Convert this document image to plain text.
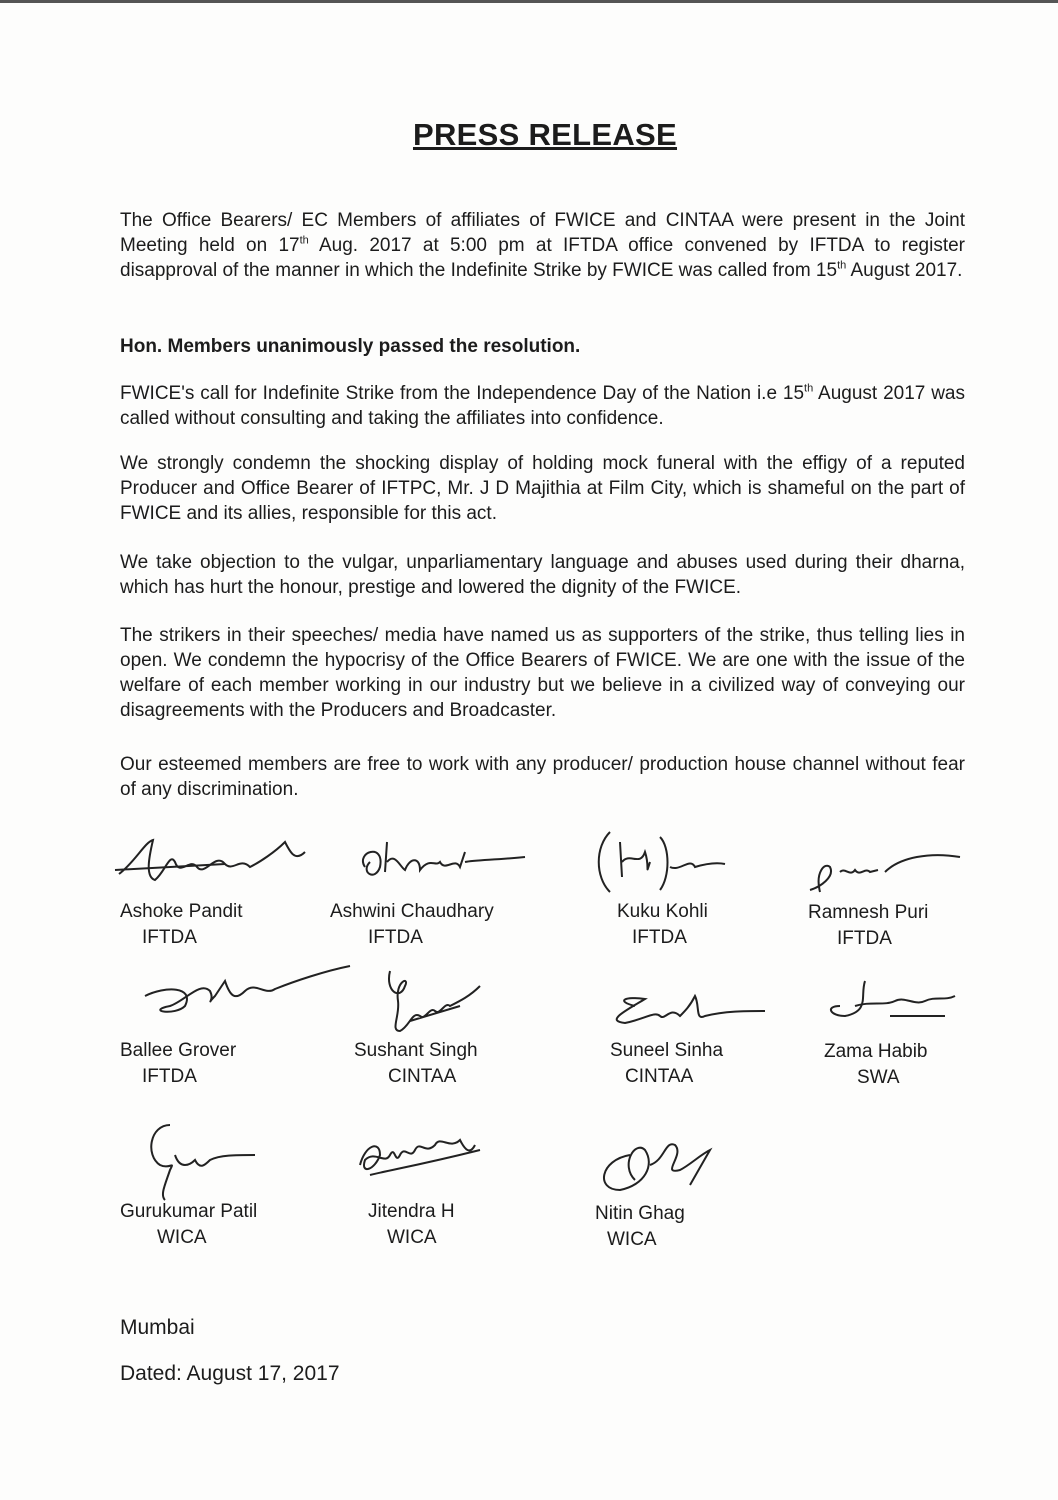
PRESS RELEASE

The Office Bearers/ EC Members of affiliates of FWICE and CINTAA were present in the Joint Meeting held on 17th Aug. 2017 at 5:00 pm at IFTDA office convened by IFTDA to register disapproval of the manner in which the Indefinite Strike by FWICE was called from 15th August 2017.

Hon. Members unanimously passed the resolution.

FWICE's call for Indefinite Strike from the Independence Day of the Nation i.e 15th August 2017 was called without consulting and taking the affiliates into confidence.

We strongly condemn the shocking display of holding mock funeral with the effigy of a reputed Producer and Office Bearer of IFTPC, Mr. J D Majithia at Film City, which is shameful on the part of FWICE and its allies, responsible for this act.

We take objection to the vulgar, unparliamentary language and abuses used during their dharna, which has hurt the honour, prestige and lowered the dignity of the FWICE.

The strikers in their speeches/ media have named us as supporters of the strike, thus telling lies in open. We condemn the hypocrisy of the Office Bearers of FWICE. We are one with the issue of the welfare of each member working in our industry but we believe in a civilized way of conveying our disagreements with the Producers and Broadcaster.

Our esteemed members are free to work with any producer/ production house channel without fear of any discrimination.

Ashoke Pandit
IFTDA
Ashwini Chaudhary
IFTDA
Kuku Kohli
IFTDA
Ramnesh Puri
IFTDA
Ballee Grover
IFTDA
Sushant Singh
CINTAA
Suneel Sinha
CINTAA
Zama Habib
SWA
Gurukumar Patil
WICA
Jitendra H
WICA
Nitin Ghag
WICA
Mumbai
Dated: August 17, 2017
